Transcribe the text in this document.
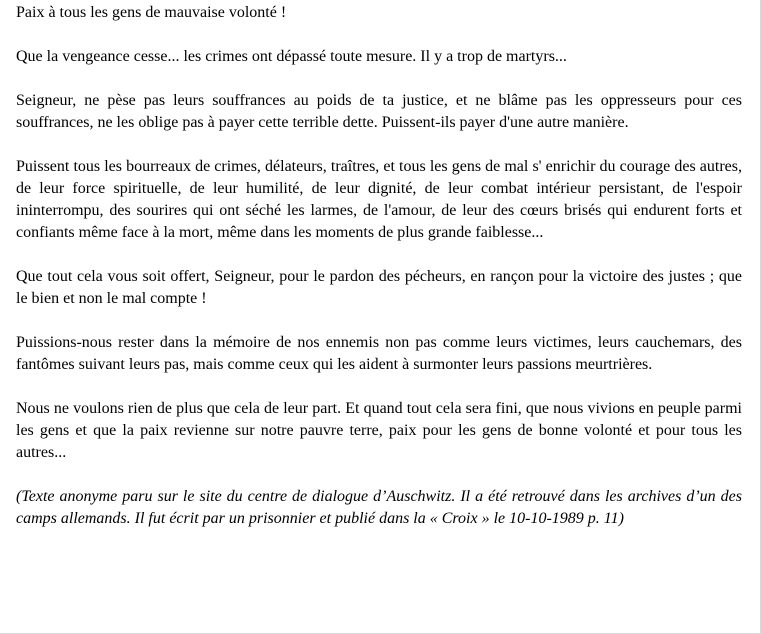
Paix à tous les gens de mauvaise volonté !

Que la vengeance cesse... les crimes ont dépassé toute mesure. Il y a trop de martyrs...

Seigneur, ne pèse pas leurs souffrances au poids de ta justice, et ne blâme pas les oppresseurs pour ces souffrances, ne les oblige pas à payer cette terrible dette. Puissent-ils payer d'une autre manière.

Puissent tous les bourreaux de crimes, délateurs, traîtres, et tous les gens de mal s' enrichir du courage des autres, de leur force spirituelle, de leur humilité, de leur dignité, de leur combat intérieur persistant, de l'espoir ininterrompu, des sourires qui ont séché les larmes, de l'amour, de leur des cœurs brisés qui endurent forts et confiants même face à la mort, même dans les moments de plus grande faiblesse...

Que tout cela vous soit offert, Seigneur, pour le pardon des pécheurs, en rançon pour la victoire des justes ; que le bien et non le mal compte !

Puissions-nous rester dans la mémoire de nos ennemis non pas comme leurs victimes, leurs cauchemars, des fantômes suivant leurs pas, mais comme ceux qui les aident à surmonter leurs passions meurtrières.

Nous ne voulons rien de plus que cela de leur part. Et quand tout cela sera fini, que nous vivions en peuple parmi les gens et que la paix revienne sur notre pauvre terre, paix pour les gens de bonne volonté et pour tous les autres...

(Texte anonyme paru sur le site du centre de dialogue d’Auschwitz. Il a été retrouvé dans les archives d’un des camps allemands. Il fut écrit par un prisonnier et publié dans la « Croix » le 10-10-1989 p. 11)
